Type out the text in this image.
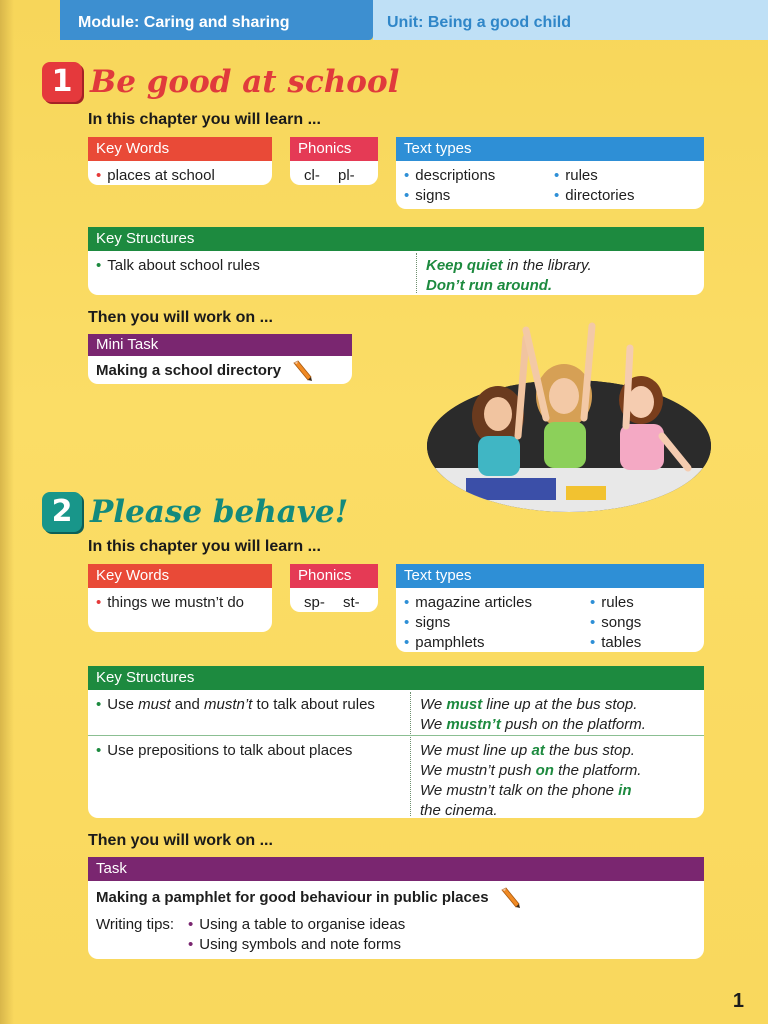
Module: Caring and sharing	Unit: Being a good child
1 Be good at school
In this chapter you will learn ...
Key Words
• places at school
Phonics
cl- pl-
Text types
• descriptions
• signs
• rules
• directories
Key Structures
• Talk about school rules	Keep quiet in the library.
Don’t run around.
Then you will work on ...
Mini Task
Making a school directory
2 Please behave!
In this chapter you will learn ...
Key Words
• things we mustn’t do
Phonics
sp- st-
Text types
• magazine articles
• signs
• pamphlets
• rules
• songs
• tables
Key Structures
• Use must and mustn’t to talk about rules	We must line up at the bus stop.
We mustn’t push on the platform.
• Use prepositions to talk about places	We must line up at the bus stop.
We mustn’t push on the platform.
We mustn’t talk on the phone in
the cinema.
Then you will work on ...
Task
Making a pamphlet for good behaviour in public places
Writing tips:
•	Using a table to organise ideas
• Using symbols and note forms
1
